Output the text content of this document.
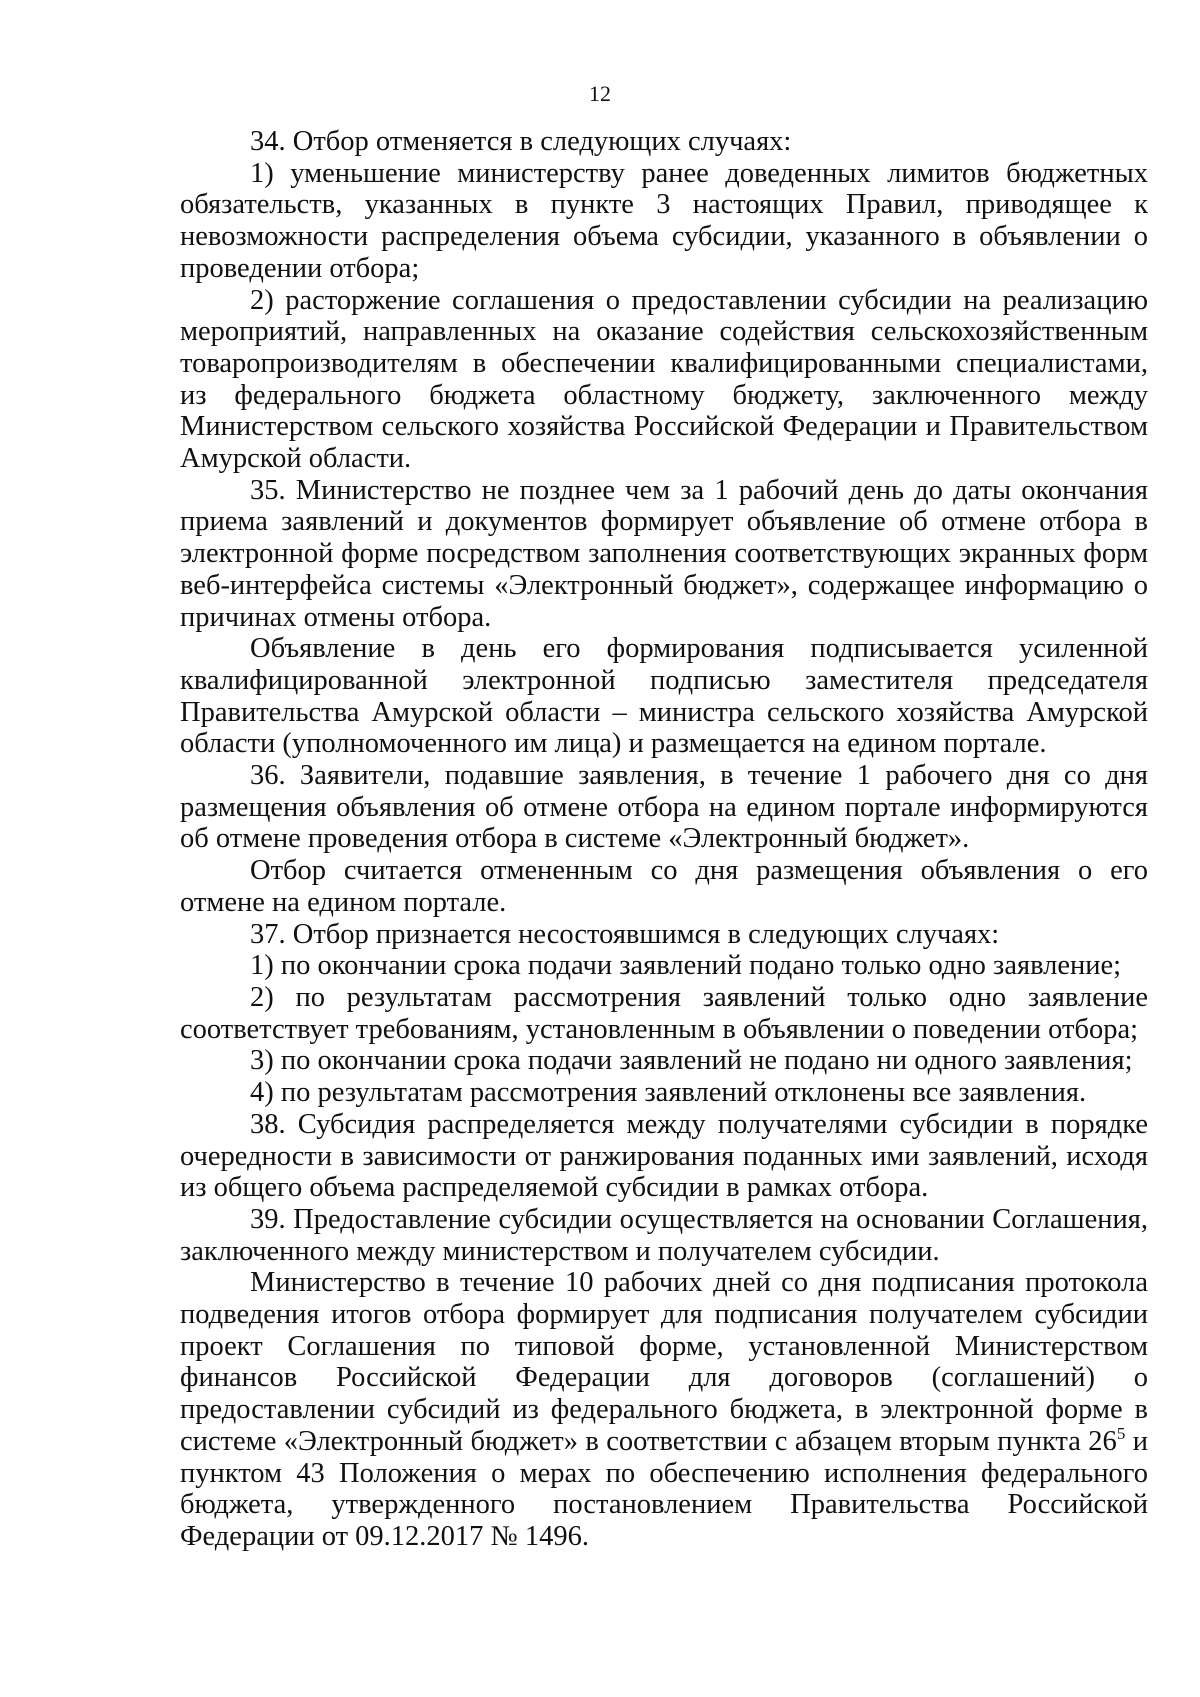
12

34. Отбор отменяется в следующих случаях:

1) уменьшение министерству ранее доведенных лимитов бюджетных обязательств, указанных в пункте 3 настоящих Правил, приводящее к невозможности распределения объема субсидии, указанного в объявлении о проведении отбора;

2) расторжение соглашения о предоставлении субсидии на реализацию мероприятий, направленных на оказание содействия сельскохозяйственным товаропроизводителям в обеспечении квалифицированными специалистами, из федерального бюджета областному бюджету, заключенного между Министерством сельского хозяйства Российской Федерации и Правительством Амурской области.

35. Министерство не позднее чем за 1 рабочий день до даты окончания приема заявлений и документов формирует объявление об отмене отбора в электронной форме посредством заполнения соответствующих экранных форм веб-интерфейса системы «Электронный бюджет», содержащее информацию о причинах отмены отбора.

Объявление в день его формирования подписывается усиленной квалифицированной электронной подписью заместителя председателя Правительства Амурской области – министра сельского хозяйства Амурской области (уполномоченного им лица) и размещается на едином портале.

36. Заявители, подавшие заявления, в течение 1 рабочего дня со дня размещения объявления об отмене отбора на едином портале информируются об отмене проведения отбора в системе «Электронный бюджет».

Отбор считается отмененным со дня размещения объявления о его отмене на едином портале.

37. Отбор признается несостоявшимся в следующих случаях:

1) по окончании срока подачи заявлений подано только одно заявление;

2) по результатам рассмотрения заявлений только одно заявление соответствует требованиям, установленным в объявлении о поведении отбора;

3) по окончании срока подачи заявлений не подано ни одного заявления;

4) по результатам рассмотрения заявлений отклонены все заявления.

38. Субсидия распределяется между получателями субсидии в порядке очередности в зависимости от ранжирования поданных ими заявлений, исходя из общего объема распределяемой субсидии в рамках отбора.

39. Предоставление субсидии осуществляется на основании Соглашения, заключенного между министерством и получателем субсидии.

Министерство в течение 10 рабочих дней со дня подписания протокола подведения итогов отбора формирует для подписания получателем субсидии проект Соглашения по типовой форме, установленной Министерством финансов Российской Федерации для договоров (соглашений) о предоставлении субсидий из федерального бюджета, в электронной форме в системе «Электронный бюджет» в соответствии с абзацем вторым пункта $26^5$ и пунктом 43 Положения о мерах по обеспечению исполнения федерального бюджета, утвержденного постановлением Правительства Российской Федерации от 09.12.2017 № 1496.
